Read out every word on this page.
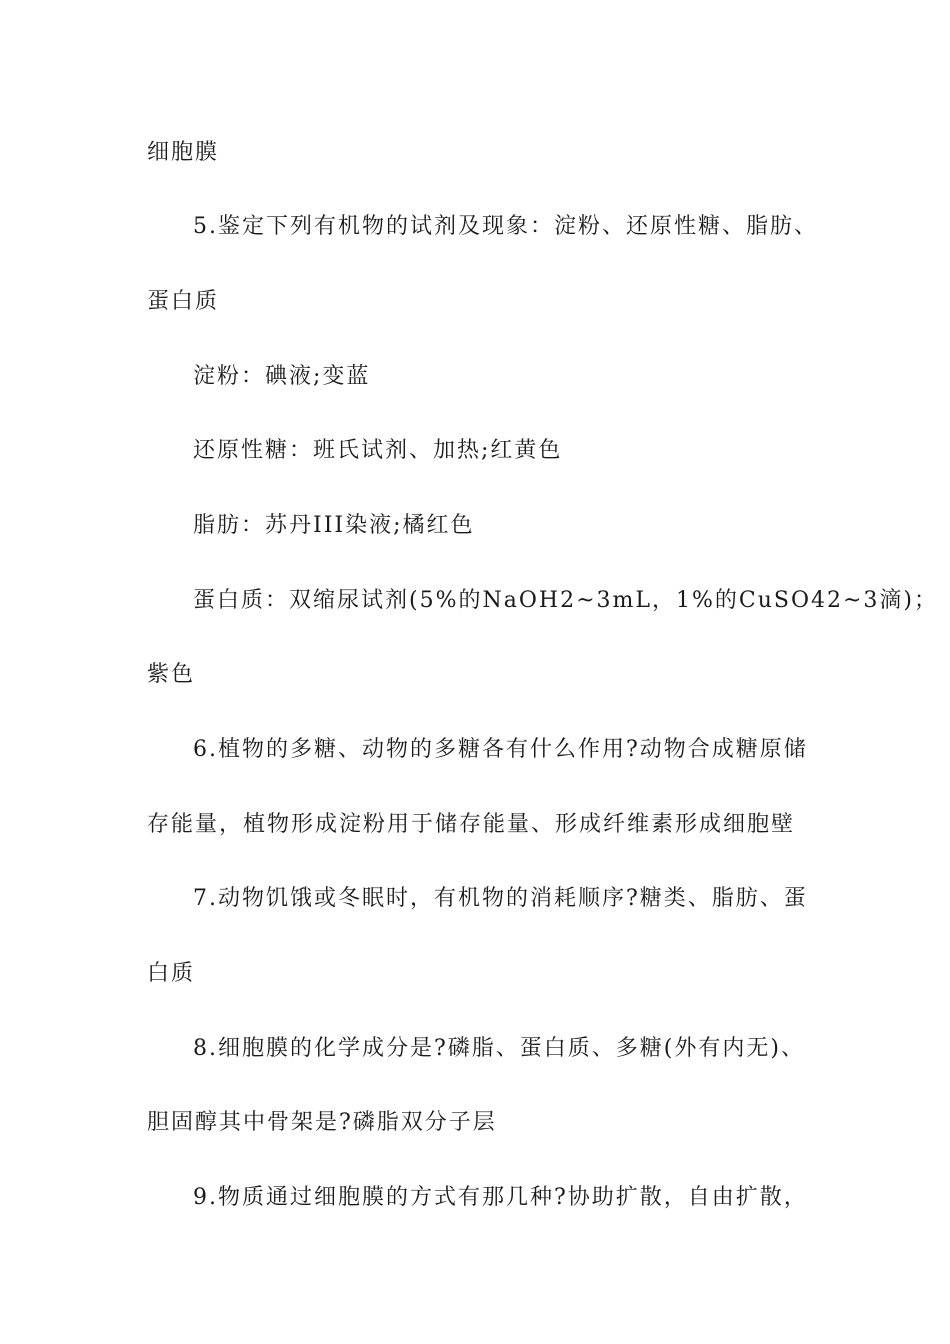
细胞膜
5.鉴定下列有机物的试剂及现象：淀粉、还原性糖、脂肪、
蛋白质
淀粉：碘液;变蓝
还原性糖：班氏试剂、加热;红黄色
脂肪：苏丹III染液;橘红色
蛋白质：双缩尿试剂(5%的NaOH2~3mL，1%的CuSO42~3滴)；
紫色
6.植物的多糖、动物的多糖各有什么作用?动物合成糖原储
存能量，植物形成淀粉用于储存能量、形成纤维素形成细胞壁
7.动物饥饿或冬眠时，有机物的消耗顺序?糖类、脂肪、蛋
白质
8.细胞膜的化学成分是?磷脂、蛋白质、多糖(外有内无)、
胆固醇其中骨架是?磷脂双分子层
9.物质通过细胞膜的方式有那几种?协助扩散，自由扩散，
